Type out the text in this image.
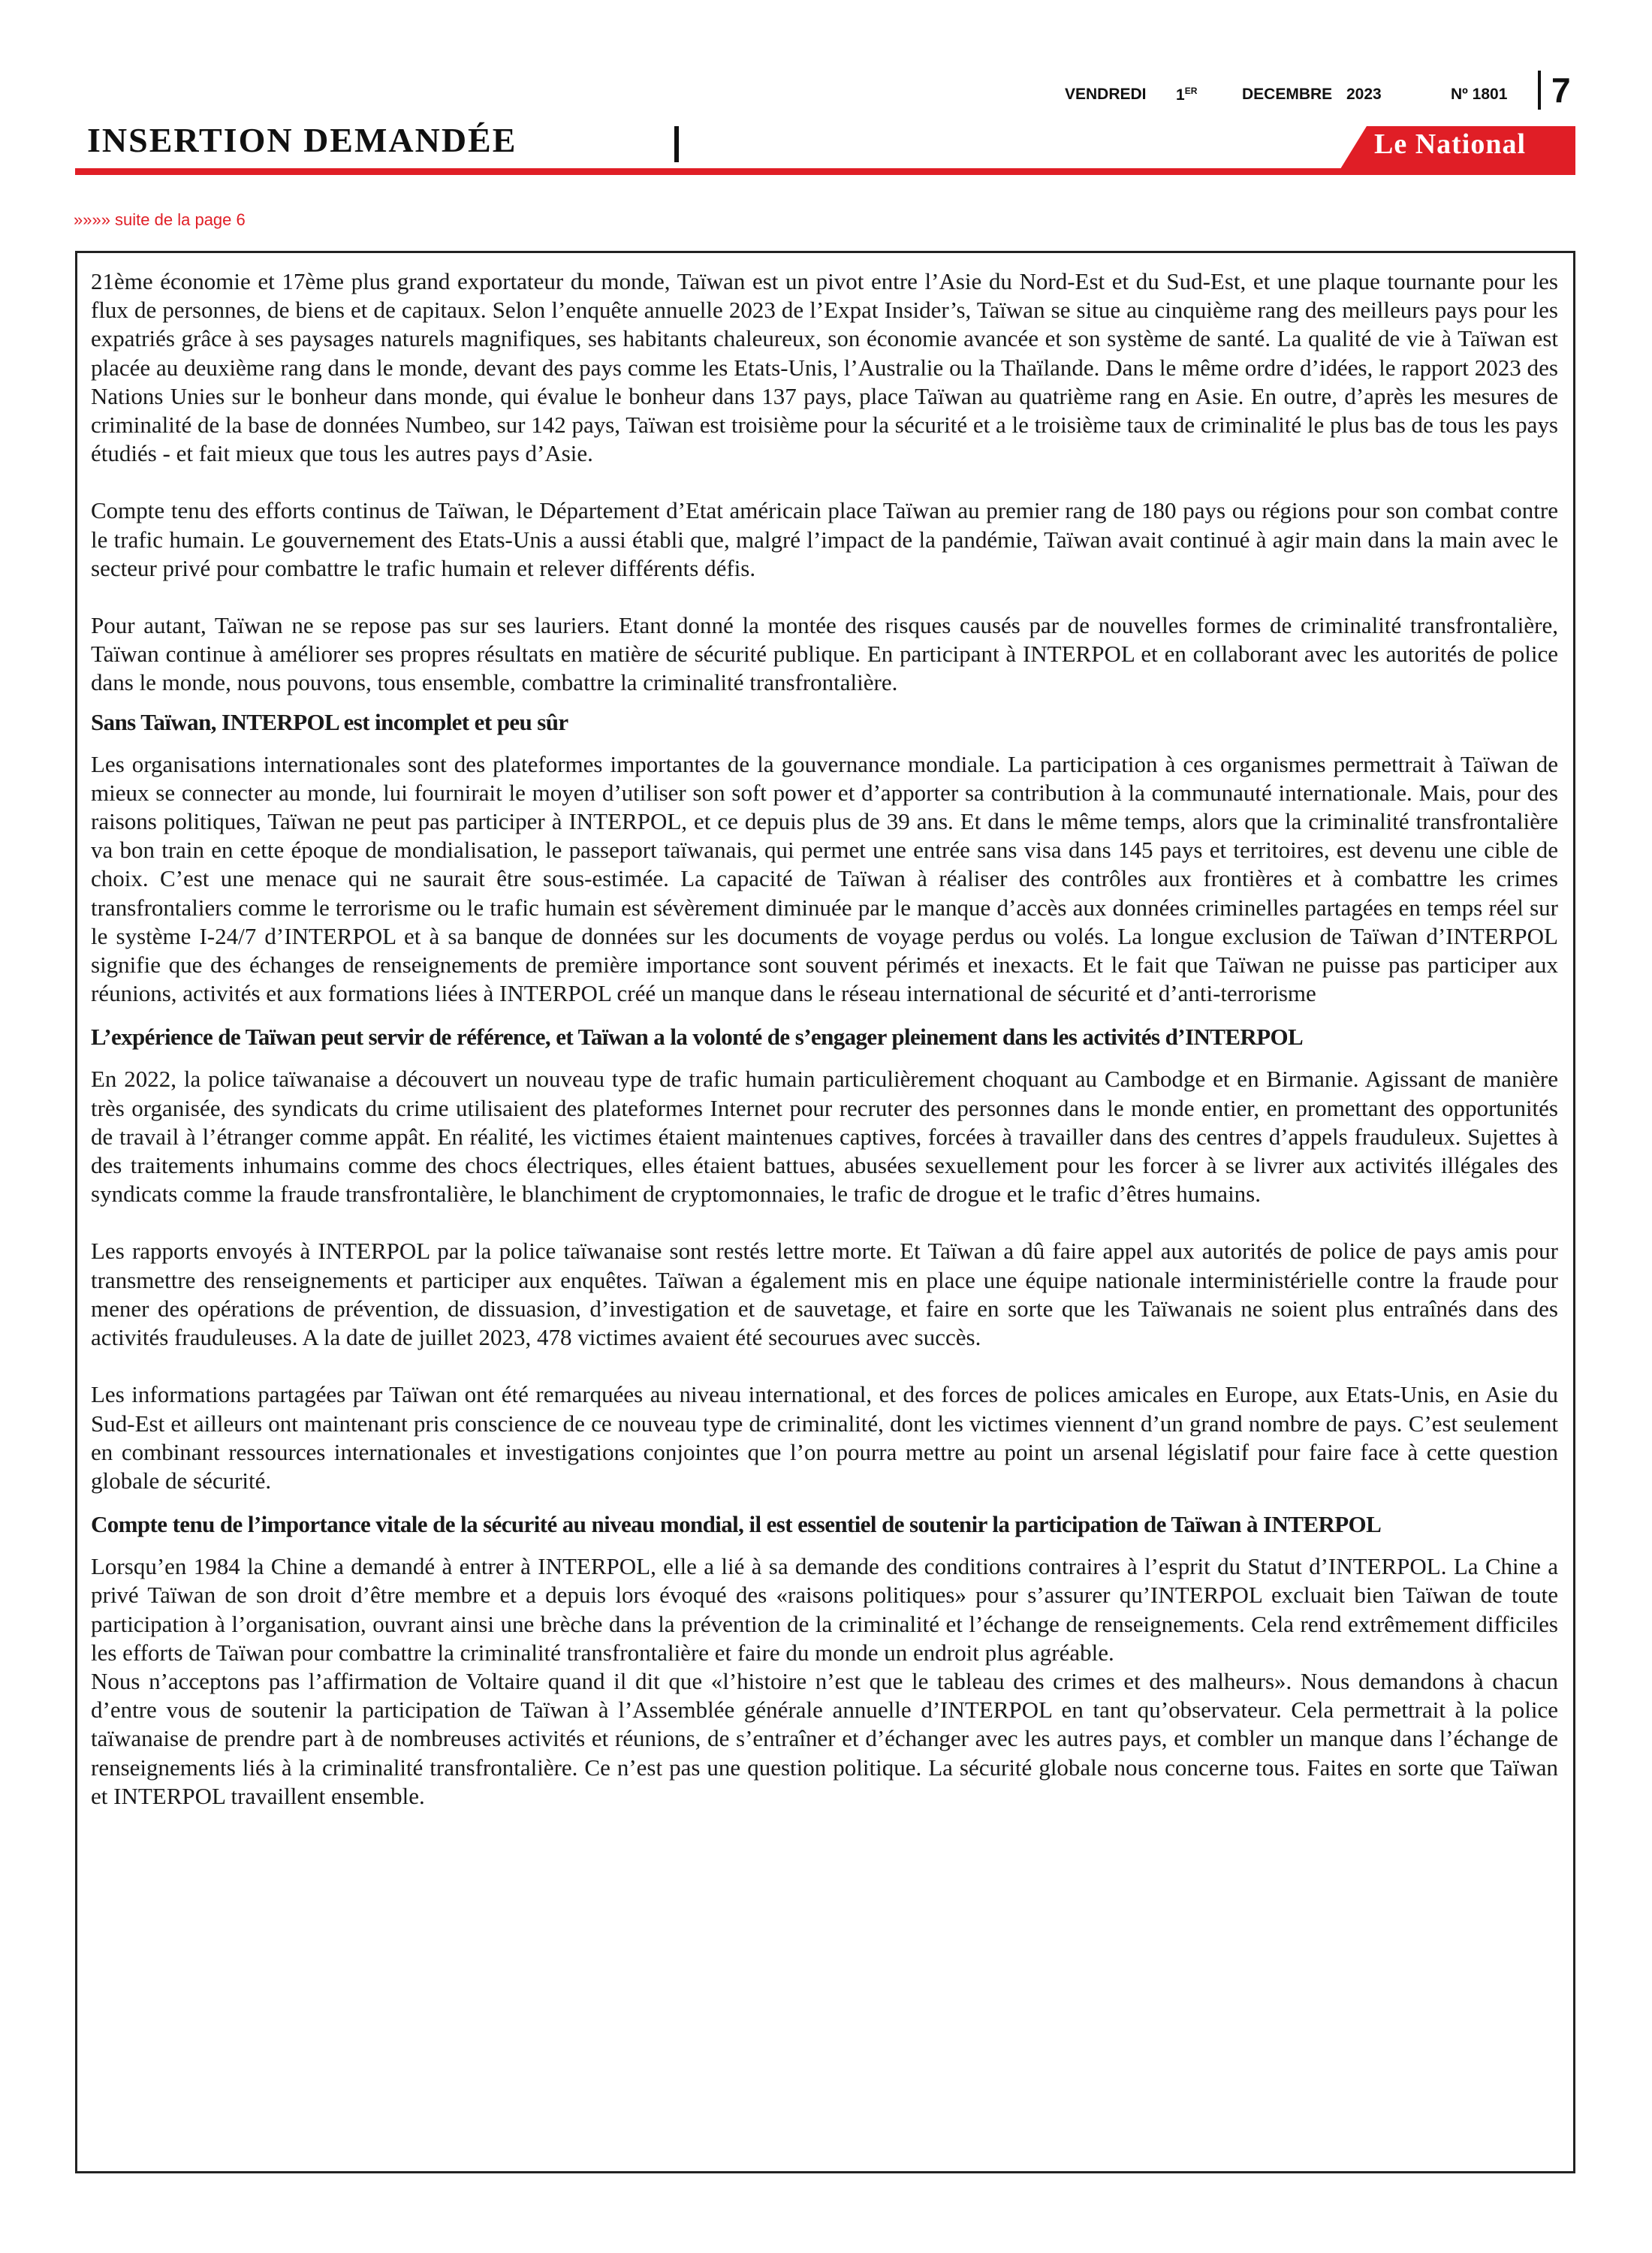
VENDREDI 1ER	DECEMBRE 2023	Nº 1801	7
INSERTION DEMANDÉE	Le National
»»»» suite de la page 6

21ème économie et 17ème plus grand exportateur du monde, Taïwan est un pivot entre l’Asie du Nord-Est et du Sud-Est, et une plaque tournante pour les flux de personnes, de biens et de capitaux. Selon l’enquête annuelle 2023 de l’Expat Insider’s, Taïwan se situe au cinquième rang des meilleurs pays pour les expatriés grâce à ses paysages naturels magnifiques, ses habitants chaleureux, son économie avancée et son système de santé. La qualité de vie à Taïwan est placée au deuxième rang dans le monde, devant des pays comme les Etats-Unis, l’Australie ou la Thaïlande. Dans le même ordre d’idées, le rapport 2023 des Nations Unies sur le bonheur dans monde, qui évalue le bonheur dans 137 pays, place Taïwan au quatrième rang en Asie. En outre, d’après les mesures de criminalité de la base de données Numbeo, sur 142 pays, Taïwan est troisième pour la sécurité et a le troisième taux de criminalité le plus bas de tous les pays étudiés - et fait mieux que tous les autres pays d’Asie.

Compte tenu des efforts continus de Taïwan, le Département d’Etat américain place Taïwan au premier rang de 180 pays ou régions pour son combat contre le trafic humain. Le gouvernement des Etats-Unis a aussi établi que, malgré l’impact de la pandémie, Taïwan avait continué à agir main dans la main avec le secteur privé pour combattre le trafic humain et relever différents défis.

Pour autant, Taïwan ne se repose pas sur ses lauriers. Etant donné la montée des risques causés par de nouvelles formes de criminalité transfrontalière, Taïwan continue à améliorer ses propres résultats en matière de sécurité publique. En participant à INTERPOL et en collaborant avec les autorités de police dans le monde, nous pouvons, tous ensemble, combattre la criminalité transfrontalière.

Sans Taïwan, INTERPOL est incomplet et peu sûr

Les organisations internationales sont des plateformes importantes de la gouvernance mondiale. La participation à ces organismes permettrait à Taïwan de mieux se connecter au monde, lui fournirait le moyen d’utiliser son soft power et d’apporter sa contribution à la communauté internationale. Mais, pour des raisons politiques, Taïwan ne peut pas participer à INTERPOL, et ce depuis plus de 39 ans. Et dans le même temps, alors que la criminalité transfrontalière va bon train en cette époque de mondialisation, le passeport taïwanais, qui permet une entrée sans visa dans 145 pays et territoires, est devenu une cible de choix. C’est une menace qui ne saurait être sous-estimée. La capacité de Taïwan à réaliser des contrôles aux frontières et à combattre les crimes transfrontaliers comme le terrorisme ou le trafic humain est sévèrement diminuée par le manque d’accès aux données criminelles partagées en temps réel sur le système I-24/7 d’INTERPOL et à sa banque de données sur les documents de voyage perdus ou volés. La longue exclusion de Taïwan d’INTERPOL signifie que des échanges de renseignements de première importance sont souvent périmés et inexacts. Et le fait que Taïwan ne puisse pas participer aux réunions, activités et aux formations liées à INTERPOL créé un manque dans le réseau international de sécurité et d’anti-terrorisme

L’expérience de Taïwan peut servir de référence, et Taïwan a la volonté de s’engager pleinement dans les activités d’INTERPOL

En 2022, la police taïwanaise a découvert un nouveau type de trafic humain particulièrement choquant au Cambodge et en Birmanie. Agissant de manière très organisée, des syndicats du crime utilisaient des plateformes Internet pour recruter des personnes dans le monde entier, en promettant des opportunités de travail à l’étranger comme appât. En réalité, les victimes étaient maintenues captives, forcées à travailler dans des centres d’appels frauduleux. Sujettes à des traitements inhumains comme des chocs électriques, elles étaient battues, abusées sexuellement pour les forcer à se livrer aux activités illégales des syndicats comme la fraude transfrontalière, le blanchiment de cryptomonnaies, le trafic de drogue et le trafic d’êtres humains.

Les rapports envoyés à INTERPOL par la police taïwanaise sont restés lettre morte. Et Taïwan a dû faire appel aux autorités de police de pays amis pour transmettre des renseignements et participer aux enquêtes. Taïwan a également mis en place une équipe nationale interministérielle contre la fraude pour mener des opérations de prévention, de dissuasion, d’investigation et de sauvetage, et faire en sorte que les Taïwanais ne soient plus entraînés dans des activités frauduleuses. A la date de juillet 2023, 478 victimes avaient été secourues avec succès.

Les informations partagées par Taïwan ont été remarquées au niveau international, et des forces de polices amicales en Europe, aux Etats-Unis, en Asie du Sud-Est et ailleurs ont maintenant pris conscience de ce nouveau type de criminalité, dont les victimes viennent d’un grand nombre de pays. C’est seulement en combinant ressources internationales et investigations conjointes que l’on pourra mettre au point un arsenal législatif pour faire face à cette question globale de sécurité.

Compte tenu de l’importance vitale de la sécurité au niveau mondial, il est essentiel de soutenir la participation de Taïwan à INTERPOL

Lorsqu’en 1984 la Chine a demandé à entrer à INTERPOL, elle a lié à sa demande des conditions contraires à l’esprit du Statut d’INTERPOL. La Chine a privé Taïwan de son droit d’être membre et a depuis lors évoqué des «raisons politiques» pour s’assurer qu’INTERPOL excluait bien Taïwan de toute participation à l’organisation, ouvrant ainsi une brèche dans la prévention de la criminalité et l’échange de renseignements. Cela rend extrêmement difficiles les efforts de Taïwan pour combattre la criminalité transfrontalière et faire du monde un endroit plus agréable.

Nous n’acceptons pas l’affirmation de Voltaire quand il dit que «l’histoire n’est que le tableau des crimes et des malheurs». Nous demandons à chacun d’entre vous de soutenir la participation de Taïwan à l’Assemblée générale annuelle d’INTERPOL en tant qu’observateur. Cela permettrait à la police taïwanaise de prendre part à de nombreuses activités et réunions, de s’entraîner et d’échanger avec les autres pays, et combler un manque dans l’échange de renseignements liés à la criminalité transfrontalière. Ce n’est pas une question politique. La sécurité globale nous concerne tous. Faites en sorte que Taïwan et INTERPOL travaillent ensemble.
